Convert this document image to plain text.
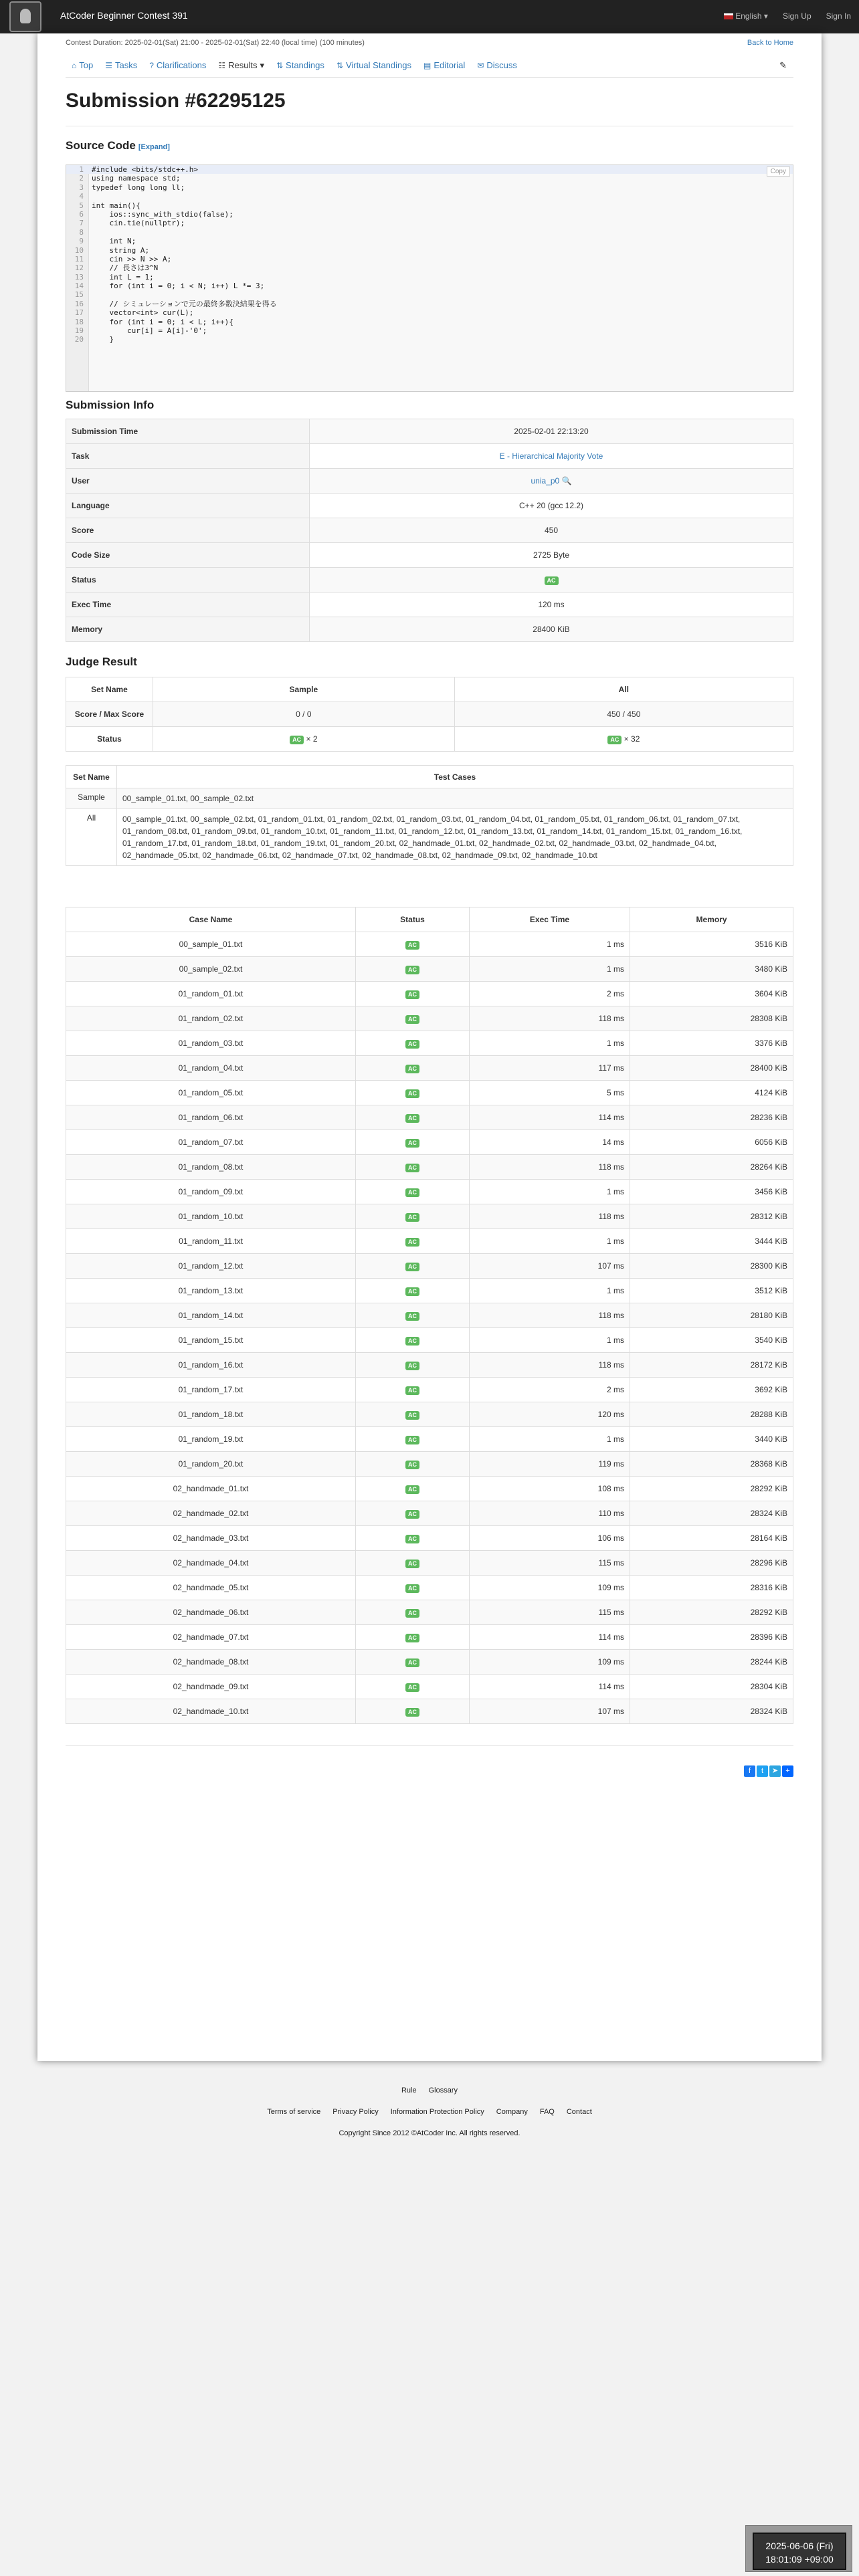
AtCoder Beginner Contest 391	English ▾ Sign Up Sign In
Contest Duration: 2025-02-01(Sat) 21:00 - 2025-02-01(Sat) 22:40 (local time) (100 minutes)	Back to Home
⌂ Top ☰ Tasks ? Clarifications ☷ Results ▾ ⇅ Standings ⇅ Virtual Standings ▤ Editorial ✉ Discuss	✎
Submission #62295125
Source Code [Expand]
1 #include <bits/stdc++.h>
2 using namespace std;
3 typedef long long ll;
4
5 int main(){
6 ios::sync_with_stdio(false);
7 cin.tie(nullptr);
8
9 int N;
10 string A;
11 cin >> N >> A;
12 // 長さは3^N
13 int L = 1;
14 for (int i = 0; i < N; i++) L *= 3;
15
16 // シミュレーションで元の最終多数決結果を得る
17 vector<int> cur(L);
18 for (int i = 0; i < L; i++){
19 cur[i] = A[i]-'0';
20 }
Copy
Submission Info
Submission Time	2025-02-01 22:13:20
Task	E - Hierarchical Majority Vote
User	unia_p0 🔍
Language	C++ 20 (gcc 12.2)
Score	450
Code Size	2725 Byte
Status	AC
Exec Time	120 ms
Memory	28400 KiB
Judge Result
Set Name	Sample	All
Score / Max Score	0 / 0	450 / 450
Status	AC × 2	AC × 32
Set Name	Test Cases
Sample	00_sample_01.txt, 00_sample_02.txt
All	00_sample_01.txt, 00_sample_02.txt, 01_random_01.txt, 01_random_02.txt, 01_random_03.txt, 01_random_04.txt, 01_random_05.txt, 01_random_06.txt, 01_random_07.txt, 01_random_08.txt, 01_random_09.txt, 01_random_10.txt, 01_random_11.txt, 01_random_12.txt, 01_random_13.txt, 01_random_14.txt, 01_random_15.txt, 01_random_16.txt, 01_random_17.txt, 01_random_18.txt, 01_random_19.txt, 01_random_20.txt, 02_handmade_01.txt, 02_handmade_02.txt, 02_handmade_03.txt, 02_handmade_04.txt, 02_handmade_05.txt, 02_handmade_06.txt, 02_handmade_07.txt, 02_handmade_08.txt, 02_handmade_09.txt, 02_handmade_10.txt
Case Name	Status	Exec Time	Memory
00_sample_01.txt	AC	1 ms	3516 KiB
00_sample_02.txt	AC	1 ms	3480 KiB
01_random_01.txt	AC	2 ms	3604 KiB
01_random_02.txt	AC	118 ms	28308 KiB
01_random_03.txt	AC	1 ms	3376 KiB
01_random_04.txt	AC	117 ms	28400 KiB
01_random_05.txt	AC	5 ms	4124 KiB
01_random_06.txt	AC	114 ms	28236 KiB
01_random_07.txt	AC	14 ms	6056 KiB
01_random_08.txt	AC	118 ms	28264 KiB
01_random_09.txt	AC	1 ms	3456 KiB
01_random_10.txt	AC	118 ms	28312 KiB
01_random_11.txt	AC	1 ms	3444 KiB
01_random_12.txt	AC	107 ms	28300 KiB
01_random_13.txt	AC	1 ms	3512 KiB
01_random_14.txt	AC	118 ms	28180 KiB
01_random_15.txt	AC	1 ms	3540 KiB
01_random_16.txt	AC	118 ms	28172 KiB
01_random_17.txt	AC	2 ms	3692 KiB
01_random_18.txt	AC	120 ms	28288 KiB
01_random_19.txt	AC	1 ms	3440 KiB
01_random_20.txt	AC	119 ms	28368 KiB
02_handmade_01.txt	AC	108 ms	28292 KiB
02_handmade_02.txt	AC	110 ms	28324 KiB
02_handmade_03.txt	AC	106 ms	28164 KiB
02_handmade_04.txt	AC	115 ms	28296 KiB
02_handmade_05.txt	AC	109 ms	28316 KiB
02_handmade_06.txt	AC	115 ms	28292 KiB
02_handmade_07.txt	AC	114 ms	28396 KiB
02_handmade_08.txt	AC	109 ms	28244 KiB
02_handmade_09.txt	AC	114 ms	28304 KiB
02_handmade_10.txt	AC	107 ms	28324 KiB
f	t	➤	+
Rule Glossary
Terms of service Privacy Policy Information Protection Policy Company FAQ Contact
Copyright Since 2012 ©AtCoder Inc. All rights reserved.
2025-06-06 (Fri)
18:01:09 +09:00
